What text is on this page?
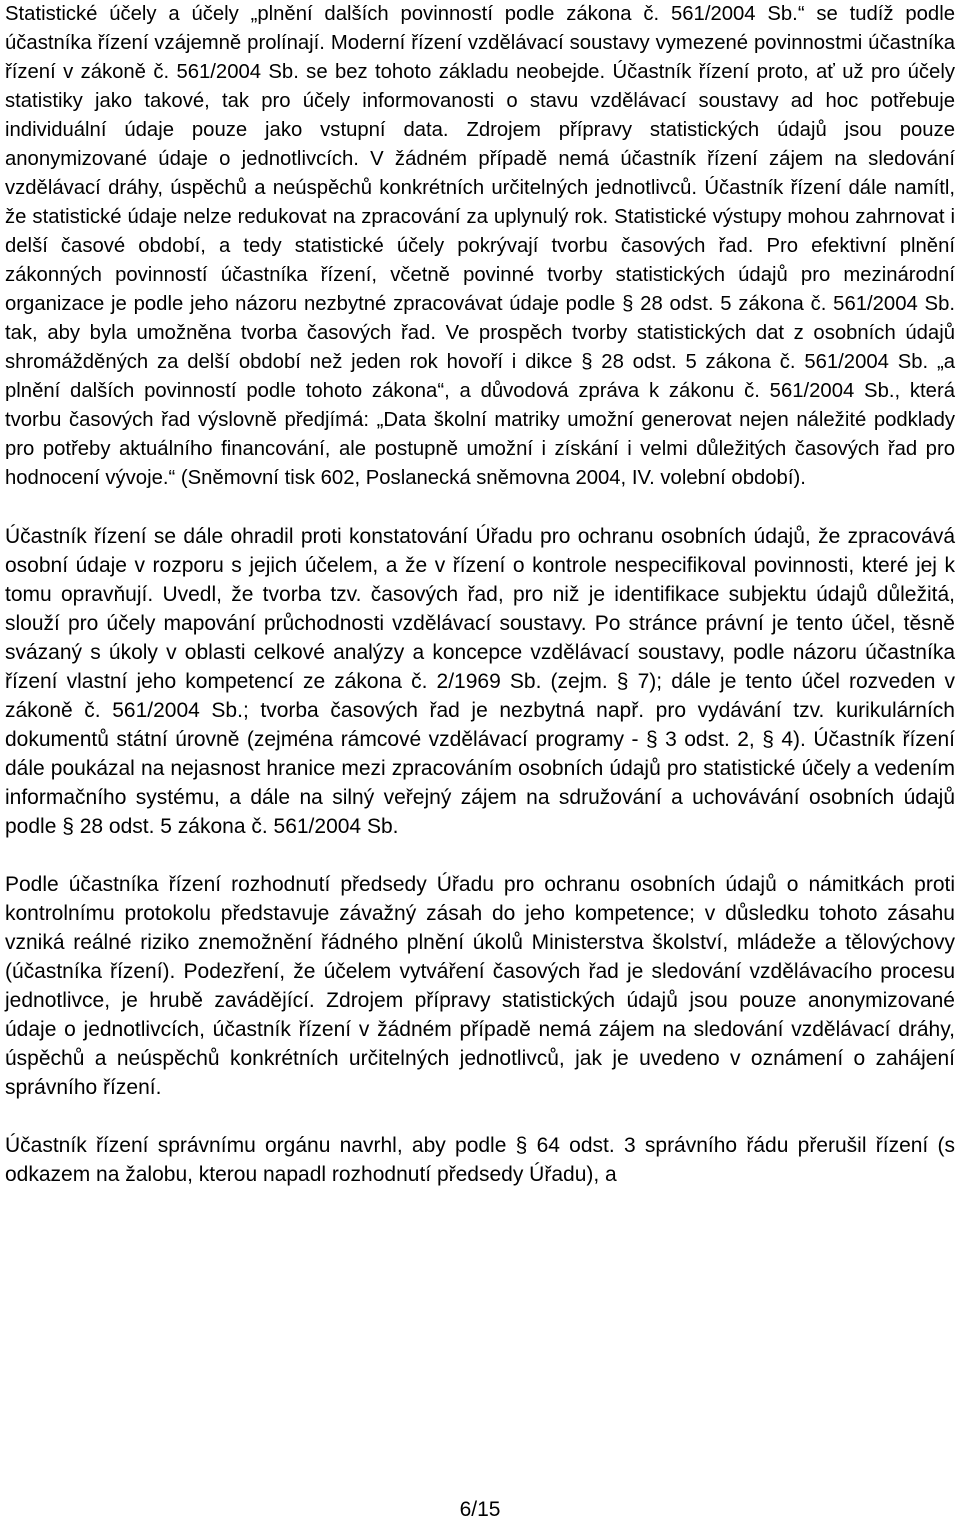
Statistické účely a účely „plnění dalších povinností podle zákona č. 561/2004 Sb.“ se tudíž podle účastníka řízení vzájemně prolínají. Moderní řízení vzdělávací soustavy vymezené povinnostmi účastníka řízení v zákoně č. 561/2004 Sb. se bez tohoto základu neobejde. Účastník řízení proto, ať už pro účely statistiky jako takové, tak pro účely informovanosti o stavu vzdělávací soustavy ad hoc potřebuje individuální údaje pouze jako vstupní data. Zdrojem přípravy statistických údajů jsou pouze anonymizované údaje o jednotlivcích. V žádném případě nemá účastník řízení zájem na sledování vzdělávací dráhy, úspěchů a neúspěchů konkrétních určitelných jednotlivců. Účastník řízení dále namítl, že statistické údaje nelze redukovat na zpracování za uplynulý rok. Statistické výstupy mohou zahrnovat i delší časové období, a tedy statistické účely pokrývají tvorbu časových řad. Pro efektivní plnění zákonných povinností účastníka řízení, včetně povinné tvorby statistických údajů pro mezinárodní organizace je podle jeho názoru nezbytné zpracovávat údaje podle § 28 odst. 5 zákona č. 561/2004 Sb. tak, aby byla umožněna tvorba časových řad. Ve prospěch tvorby statistických dat z osobních údajů shromážděných za delší období než jeden rok hovoří i dikce § 28 odst. 5 zákona č. 561/2004 Sb. „a plnění dalších povinností podle tohoto zákona“, a důvodová zpráva k zákonu č. 561/2004 Sb., která tvorbu časových řad výslovně předjímá: „Data školní matriky umožní generovat nejen náležité podklady pro potřeby aktuálního financování, ale postupně umožní i získání i velmi důležitých časových řad pro hodnocení vývoje.“ (Sněmovní tisk 602, Poslanecká sněmovna 2004, IV. volební období).

Účastník řízení se dále ohradil proti konstatování Úřadu pro ochranu osobních údajů, že zpracovává osobní údaje v rozporu s jejich účelem, a že v řízení o kontrole nespecifikoval povinnosti, které jej k tomu opravňují. Uvedl, že tvorba tzv. časových řad, pro niž je identifikace subjektu údajů důležitá, slouží pro účely mapování průchodnosti vzdělávací soustavy. Po stránce právní je tento účel, těsně svázaný s úkoly v oblasti celkové analýzy a koncepce vzdělávací soustavy, podle názoru účastníka řízení vlastní jeho kompetencí ze zákona č. 2/1969 Sb. (zejm. § 7); dále je tento účel rozveden v zákoně č. 561/2004 Sb.; tvorba časových řad je nezbytná např. pro vydávání tzv. kurikulárních dokumentů státní úrovně (zejména rámcové vzdělávací programy - § 3 odst. 2, § 4). Účastník řízení dále poukázal na nejasnost hranice mezi zpracováním osobních údajů pro statistické účely a vedením informačního systému, a dále na silný veřejný zájem na sdružování a uchovávání osobních údajů podle § 28 odst. 5 zákona č. 561/2004 Sb.

Podle účastníka řízení rozhodnutí předsedy Úřadu pro ochranu osobních údajů o námitkách proti kontrolnímu protokolu představuje závažný zásah do jeho kompetence; v důsledku tohoto zásahu vzniká reálné riziko znemožnění řádného plnění úkolů Ministerstva školství, mládeže a tělovýchovy (účastníka řízení). Podezření, že účelem vytváření časových řad je sledování vzdělávacího procesu jednotlivce, je hrubě zavádějící. Zdrojem přípravy statistických údajů jsou pouze anonymizované údaje o jednotlivcích, účastník řízení v žádném případě nemá zájem na sledování vzdělávací dráhy, úspěchů a neúspěchů konkrétních určitelných jednotlivců, jak je uvedeno v oznámení o zahájení správního řízení.

Účastník řízení správnímu orgánu navrhl, aby podle § 64 odst. 3 správního řádu přerušil řízení (s odkazem na žalobu, kterou napadl rozhodnutí předsedy Úřadu), a

6/15
